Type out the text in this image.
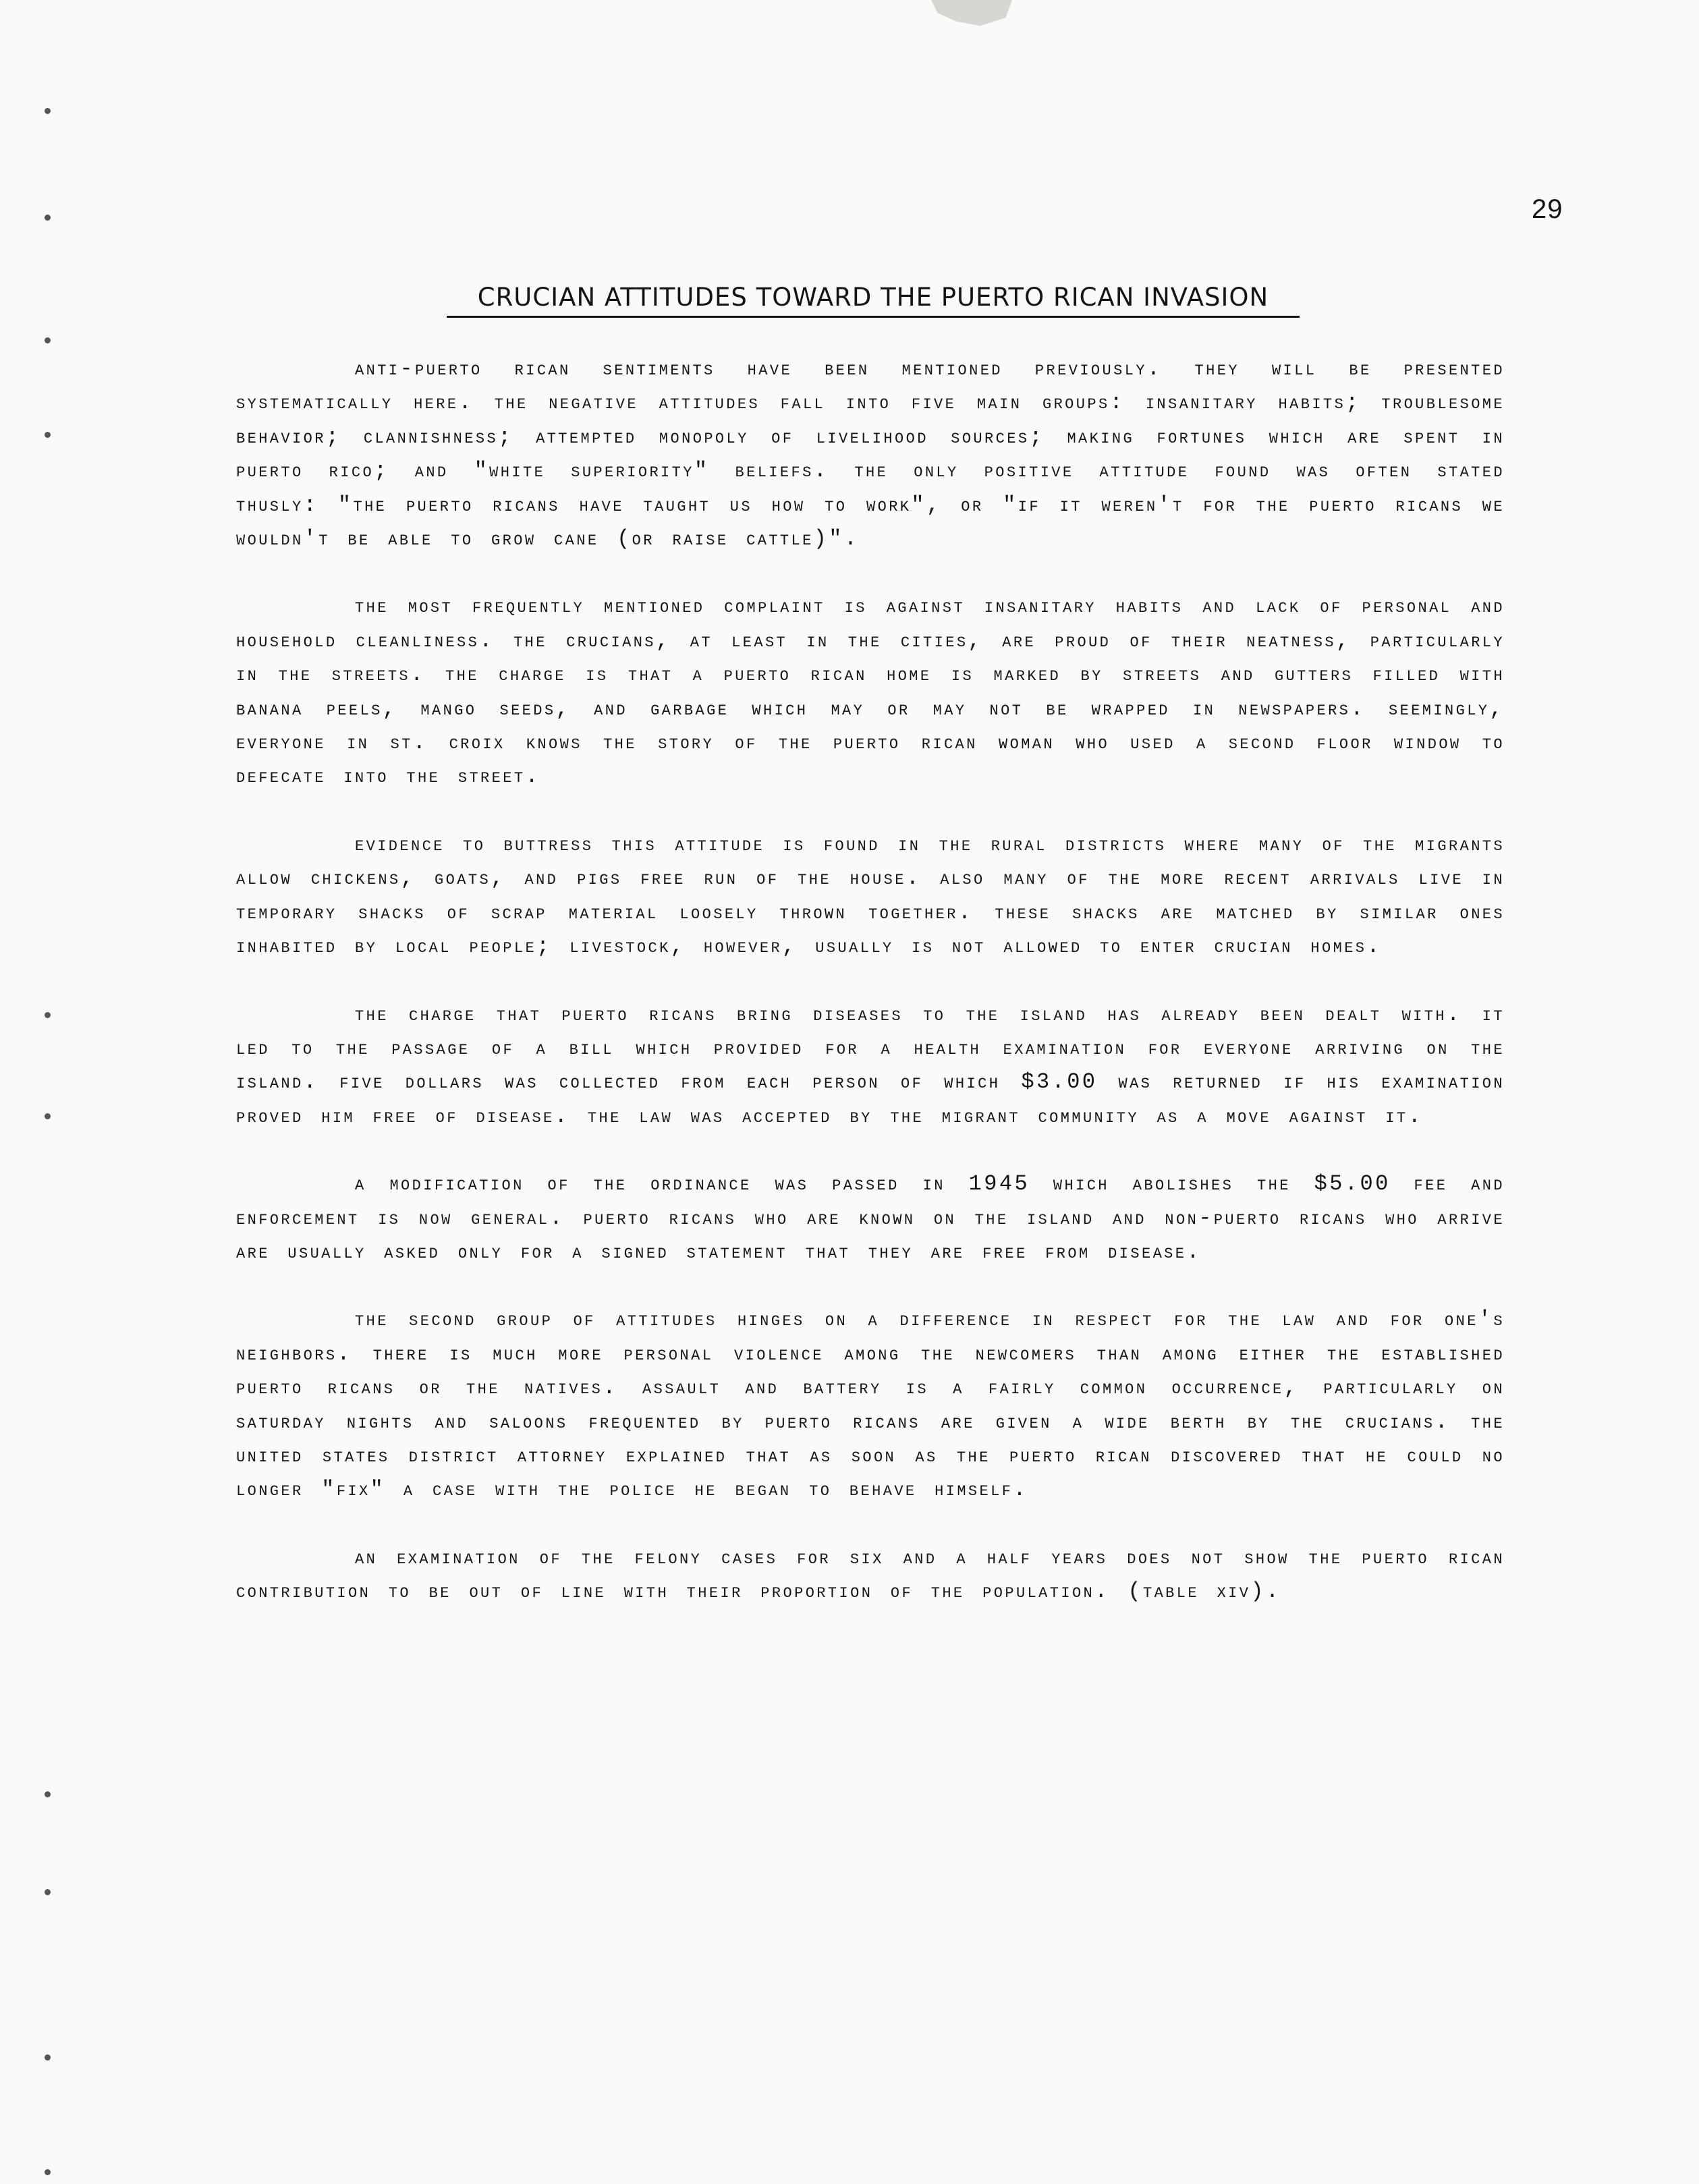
29
CRUCIAN ATTITUDES TOWARD THE PUERTO RICAN INVASION

anti-puerto rican sentiments have been mentioned previously. they will be presented systematically here. the negative attitudes fall into five main groups: insanitary habits; troublesome behavior; clannishness; attempted monopoly of livelihood sources; making fortunes which are spent in puerto rico; and "white superiority" beliefs. the only positive attitude found was often stated thusly: "the puerto ricans have taught us how to work", or "if it weren't for the puerto ricans we wouldn't be able to grow cane (or raise cattle)".

the most frequently mentioned complaint is against insanitary habits and lack of personal and household cleanliness. the crucians, at least in the cities, are proud of their neatness, particularly in the streets. the charge is that a puerto rican home is marked by streets and gutters filled with banana peels, mango seeds, and garbage which may or may not be wrapped in newspapers. seemingly, everyone in st. croix knows the story of the puerto rican woman who used a second floor window to defecate into the street.

evidence to buttress this attitude is found in the rural districts where many of the migrants allow chickens, goats, and pigs free run of the house. also many of the more recent arrivals live in temporary shacks of scrap material loosely thrown together. these shacks are matched by similar ones inhabited by local people; livestock, however, usually is not allowed to enter crucian homes.

the charge that puerto ricans bring diseases to the island has already been dealt with. it led to the passage of a bill which provided for a health examination for everyone arriving on the island. five dollars was collected from each person of which $3.00 was returned if his examination proved him free of disease. the law was accepted by the migrant community as a move against it.

a modification of the ordinance was passed in 1945 which abolishes the $5.00 fee and enforcement is now general. puerto ricans who are known on the island and non-puerto ricans who arrive are usually asked only for a signed statement that they are free from disease.

the second group of attitudes hinges on a difference in respect for the law and for one's neighbors. there is much more personal violence among the newcomers than among either the established puerto ricans or the natives. assault and battery is a fairly common occurrence, particularly on saturday nights and saloons frequented by puerto ricans are given a wide berth by the crucians. the united states district attorney explained that as soon as the puerto rican discovered that he could no longer "fix" a case with the police he began to behave himself.

an examination of the felony cases for six and a half years does not show the puerto rican contribution to be out of line with their proportion of the population. (table xiv).
